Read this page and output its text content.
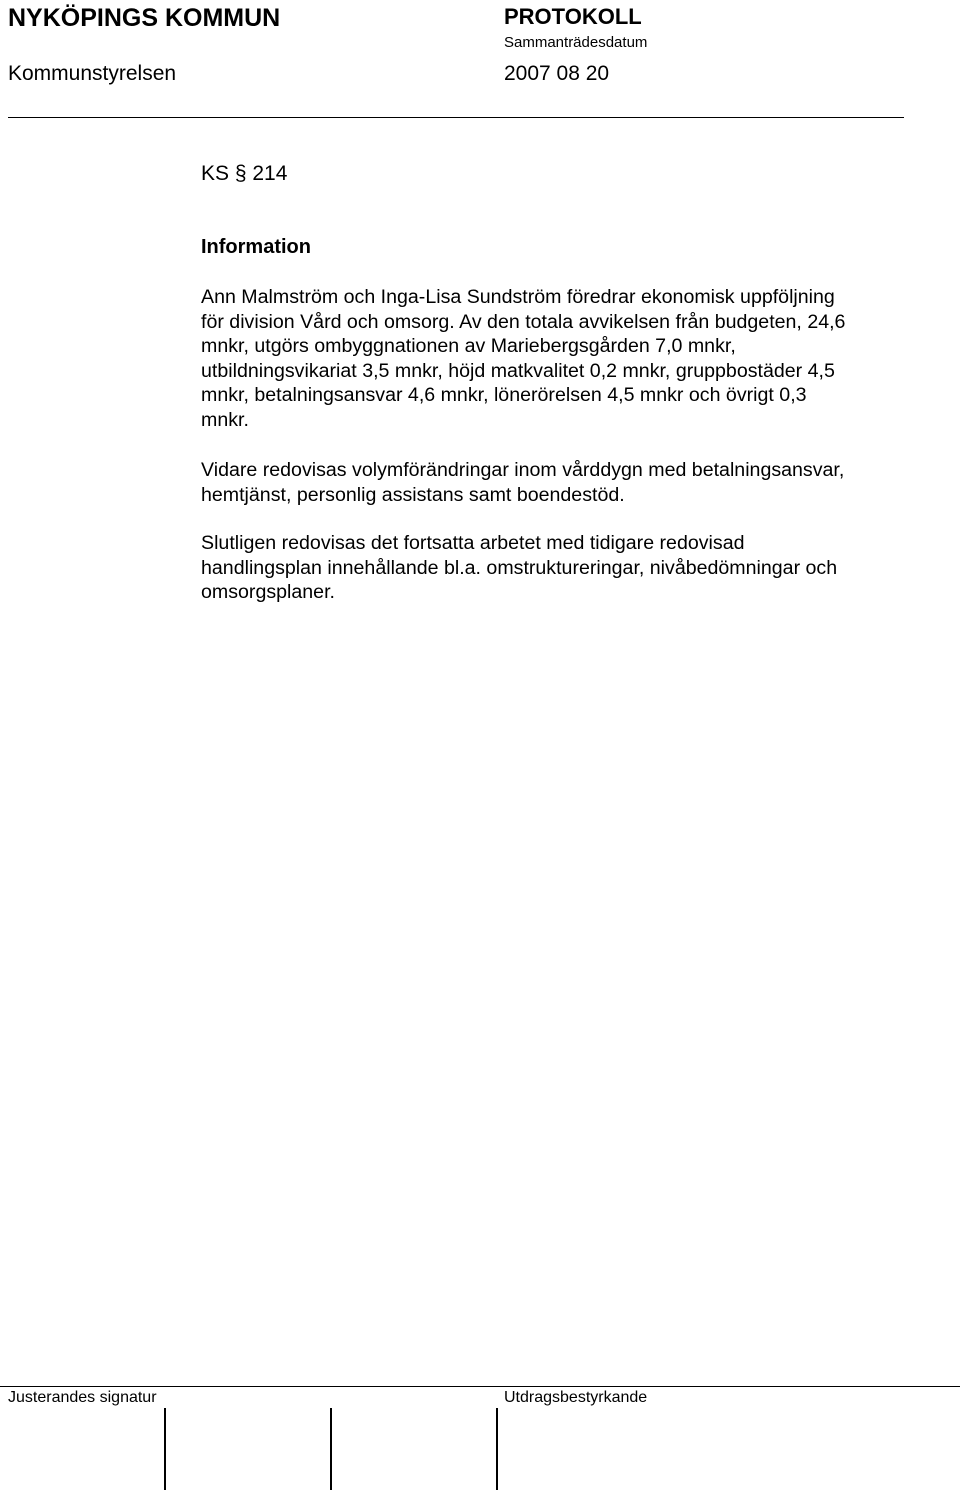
NYKÖPINGS KOMMUN	PROTOKOLL
Sammanträdesdatum
Kommunstyrelsen	2007 08 20
KS § 214
Information
Ann Malmström och Inga-Lisa Sundström föredrar ekonomisk uppföljning
för division Vård och omsorg. Av den totala avvikelsen från budgeten, 24,6
mnkr, utgörs ombyggnationen av Mariebergsgården 7,0 mnkr,
utbildningsvikariat 3,5 mnkr, höjd matkvalitet 0,2 mnkr, gruppbostäder 4,5
mnkr, betalningsansvar 4,6 mnkr, lönerörelsen 4,5 mnkr och övrigt 0,3
mnkr.
Vidare redovisas volymförändringar inom vårddygn med betalningsansvar,
hemtjänst, personlig assistans samt boendestöd.
Slutligen redovisas det fortsatta arbetet med tidigare redovisad
handlingsplan innehållande bl.a. omstruktureringar, nivåbedömningar och
omsorgsplaner.
Justerandes signatur	Utdragsbestyrkande
